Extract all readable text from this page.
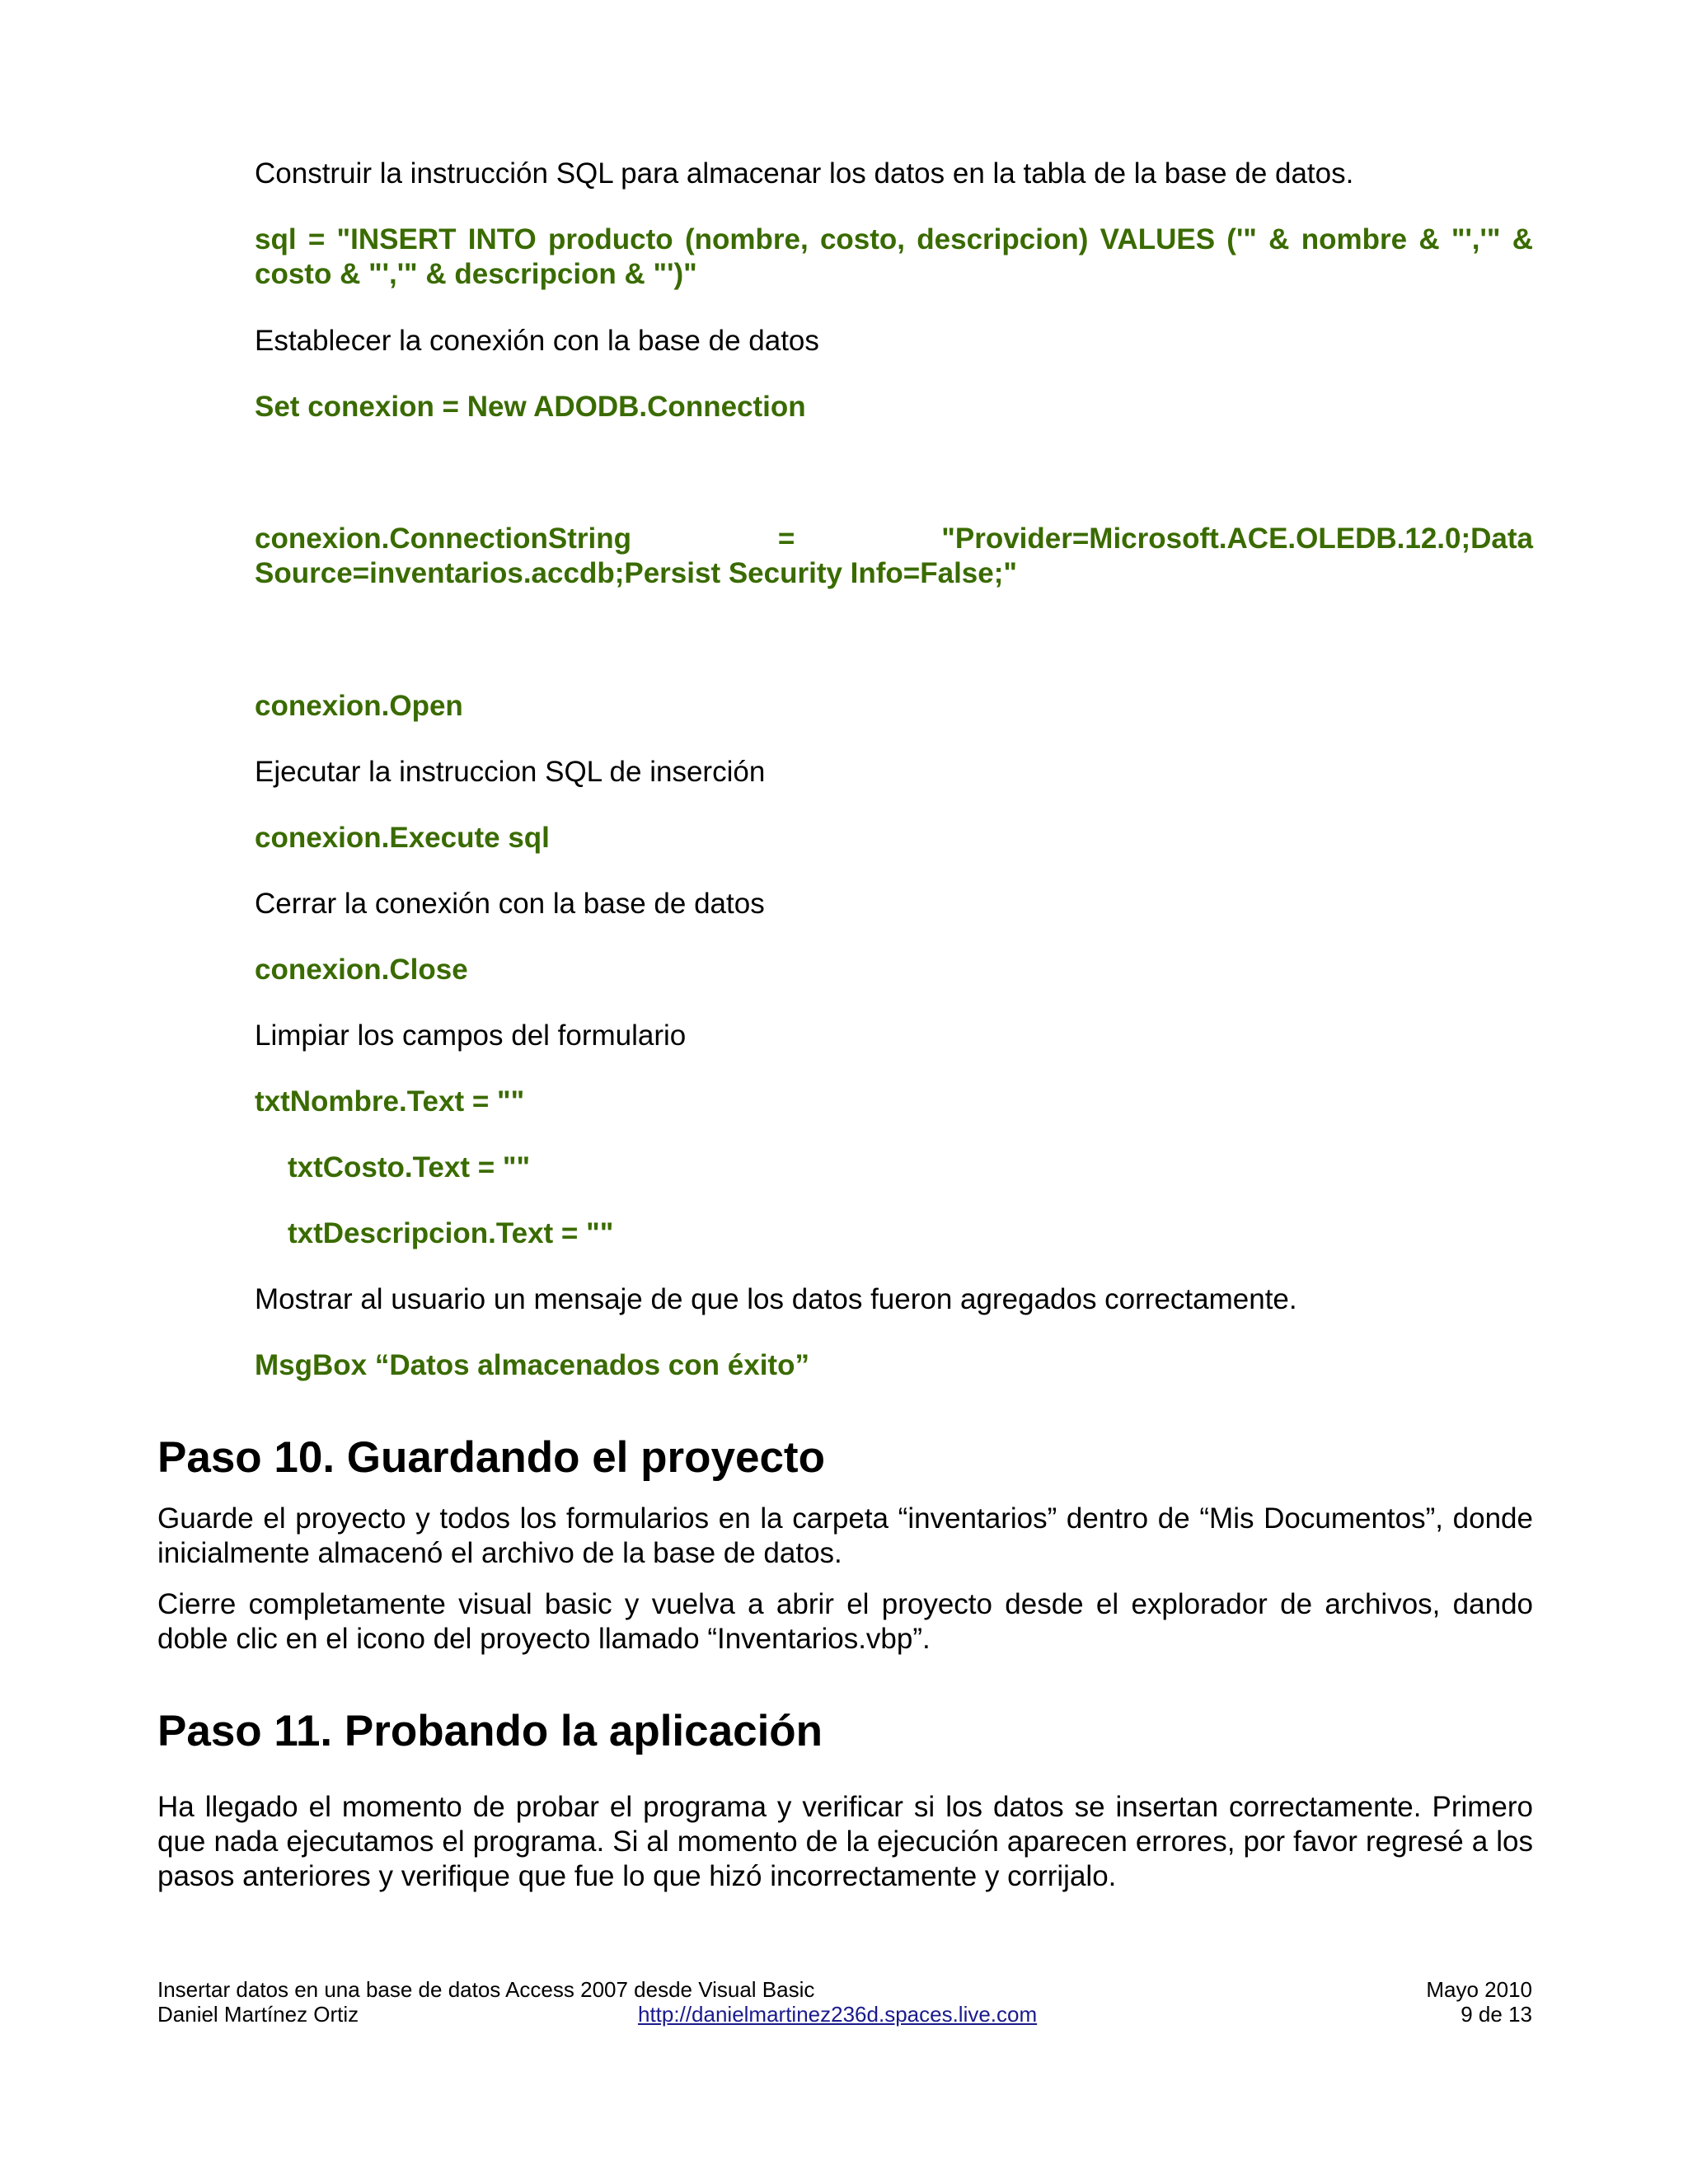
Construir la instrucción SQL para almacenar los datos en la tabla de la base de datos.

sql = "INSERT INTO producto (nombre, costo, descripcion) VALUES ('" & nombre & "','" & costo & "','" & descripcion & "')"

Establecer la conexión con la base de datos

Set conexion = New ADODB.Connection

conexion.ConnectionString = "Provider=Microsoft.ACE.OLEDB.12.0;Data

Source=inventarios.accdb;Persist Security Info=False;"

conexion.Open

Ejecutar la instruccion SQL de inserción

conexion.Execute sql

Cerrar la conexión con la base de datos

conexion.Close

Limpiar los campos del formulario

txtNombre.Text = ""

txtCosto.Text = ""

txtDescripcion.Text = ""

Mostrar al usuario un mensaje de que los datos fueron agregados correctamente.

MsgBox “Datos almacenados con éxito”

Paso 10. Guardando el proyecto

Guarde el proyecto y todos los formularios en la carpeta “inventarios” dentro de “Mis Documentos”, donde inicialmente almacenó el archivo de la base de datos.

Cierre completamente visual basic y vuelva a abrir el proyecto desde el explorador de archivos, dando doble clic en el icono del proyecto llamado “Inventarios.vbp”.

Paso 11. Probando la aplicación

Ha llegado el momento de probar el programa y verificar si los datos se insertan correctamente. Primero que nada ejecutamos el programa. Si al momento de la ejecución aparecen errores, por favor regresé a los pasos anteriores y verifique que fue lo que hizó incorrectamente y corrijalo.

Insertar datos en una base de datos Access 2007 desde Visual Basic

Daniel Martínez Ortiz	http://danielmartinez236d.spaces.live.com

Mayo 2010

9 de 13
